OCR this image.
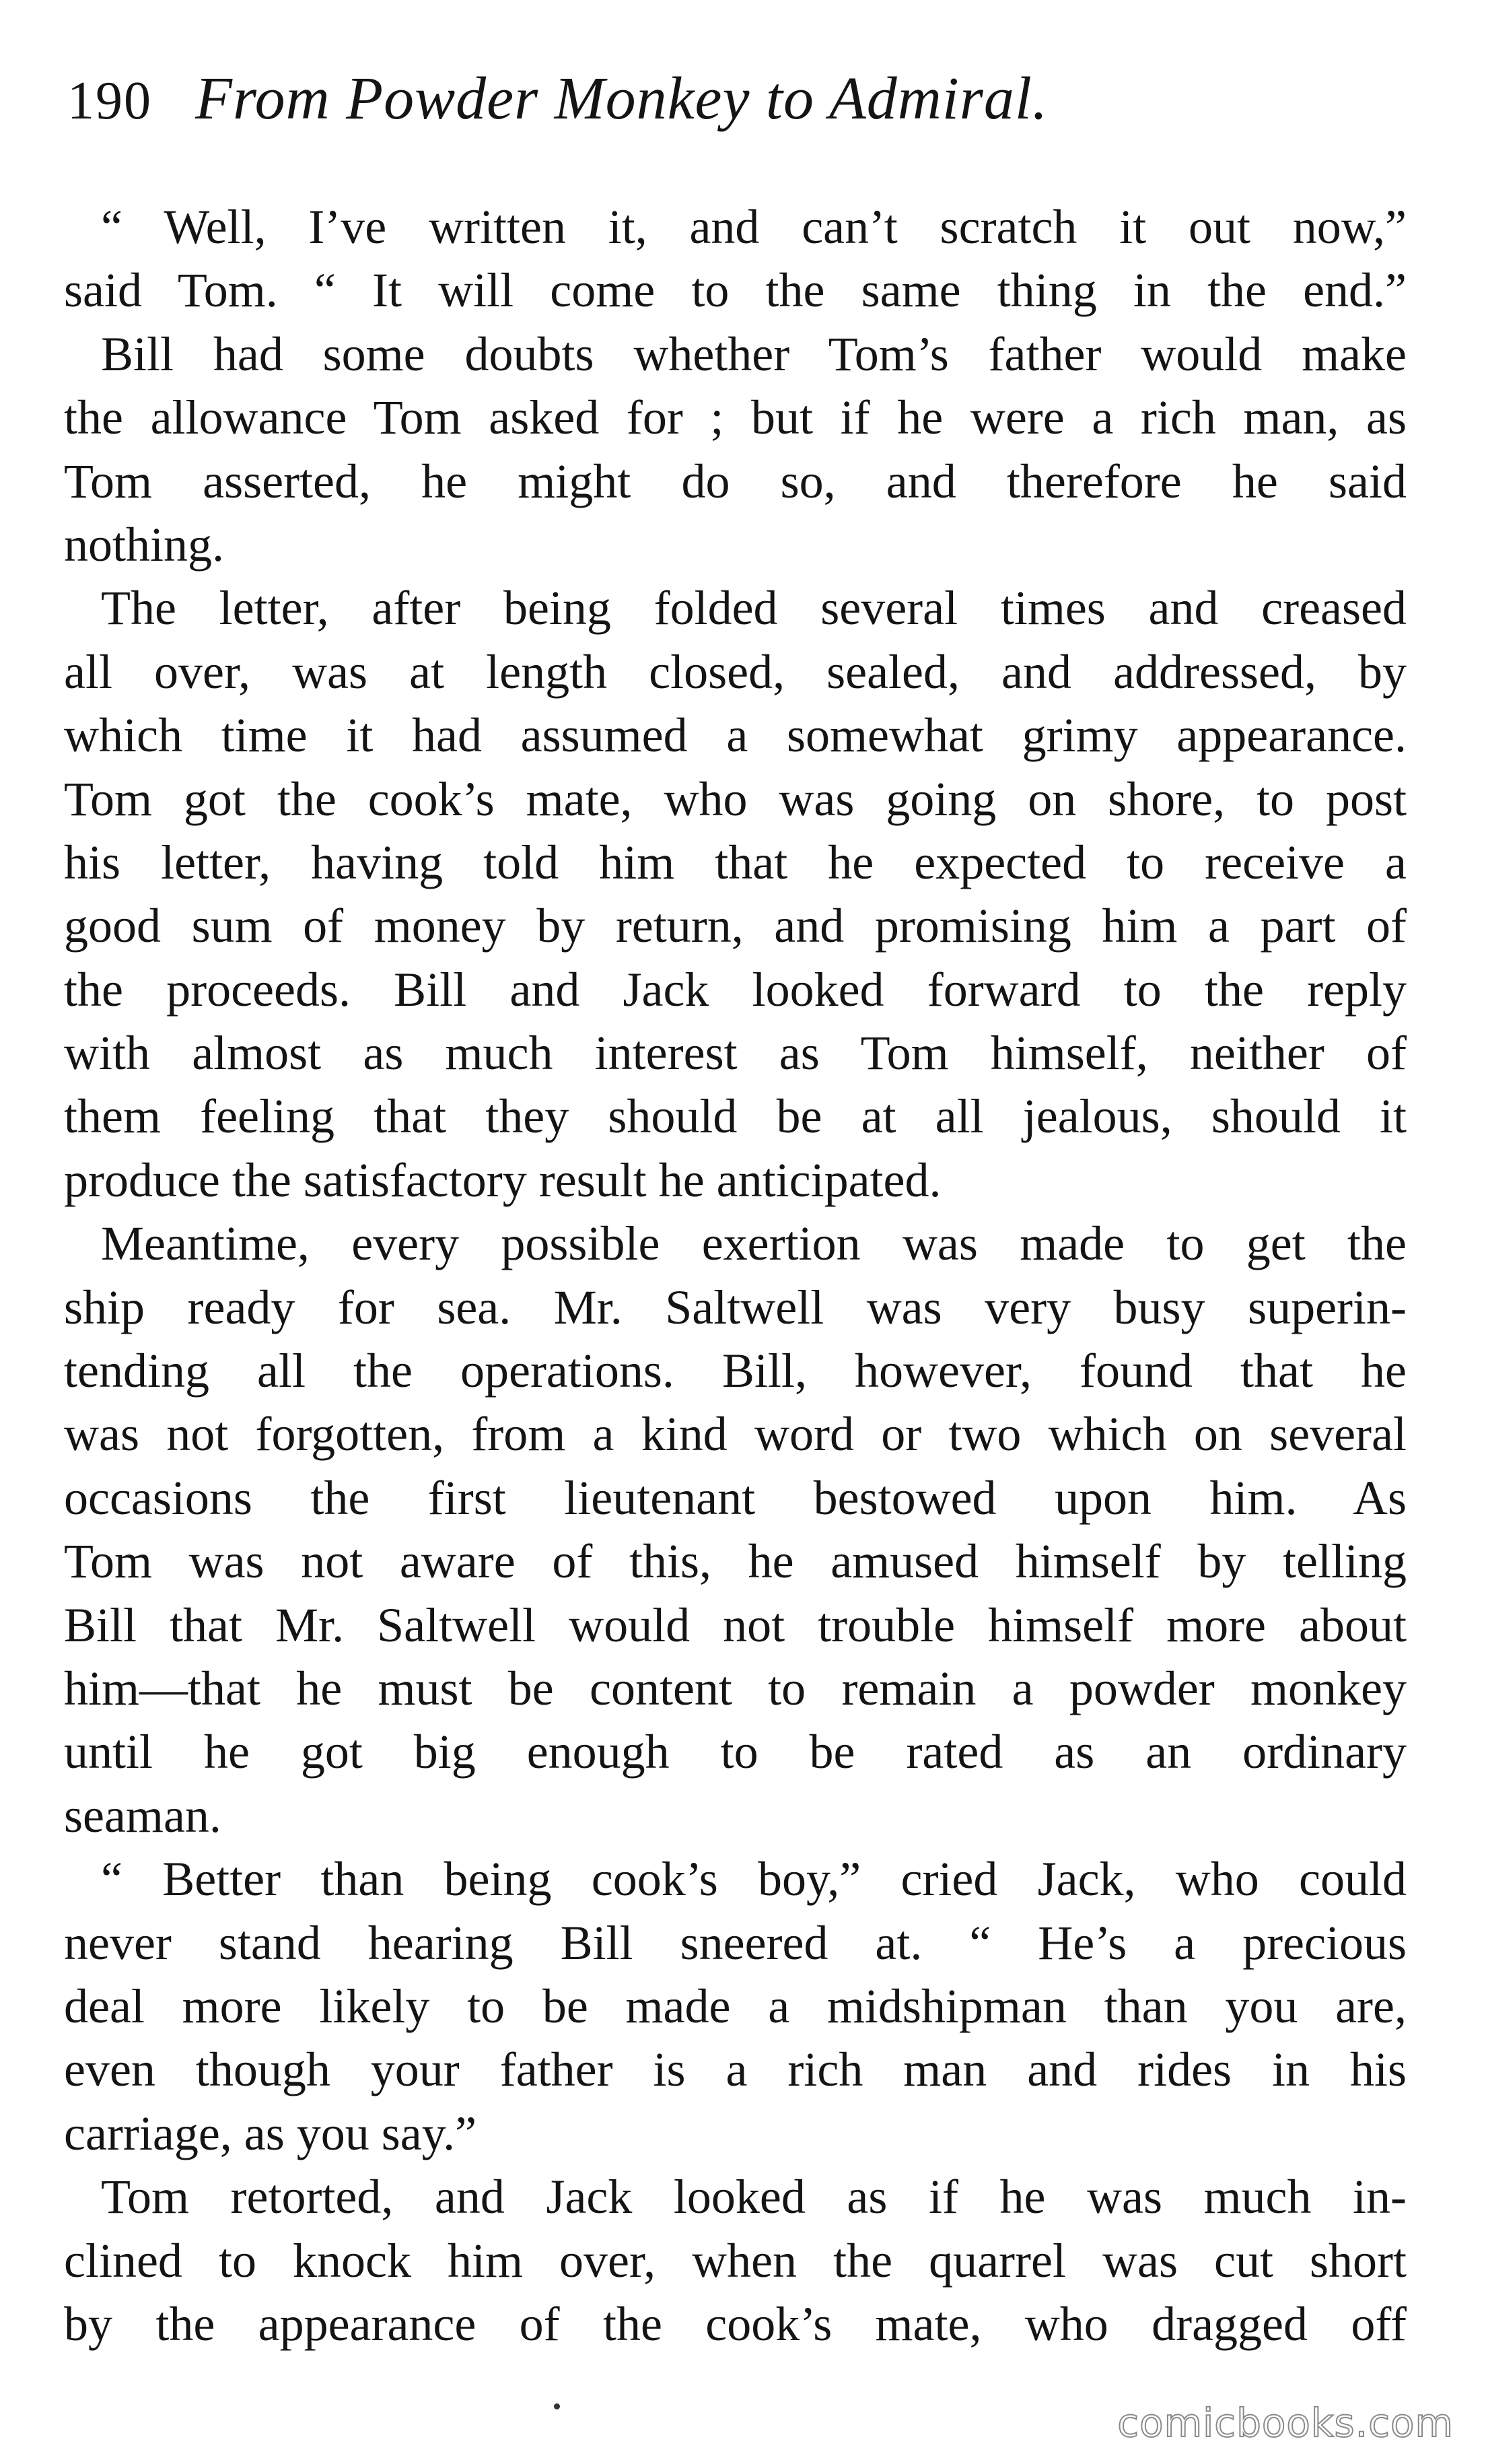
190 From Powder Monkey to Admiral.
“ Well, I’ve written it, and can’t scratch it out now,”
said Tom. “ It will come to the same thing in the end.”
Bill had some doubts whether Tom’s father would make
the allowance Tom asked for ; but if he were a rich man, as
Tom asserted, he might do so, and therefore he said
nothing.
The letter, after being folded several times and creased
all over, was at length closed, sealed, and addressed, by
which time it had assumed a somewhat grimy appearance.
Tom got the cook’s mate, who was going on shore, to post
his letter, having told him that he expected to receive a
good sum of money by return, and promising him a part of
the proceeds. Bill and Jack looked forward to the reply
with almost as much interest as Tom himself, neither of
them feeling that they should be at all jealous, should it
produce the satisfactory result he anticipated.
Meantime, every possible exertion was made to get the
ship ready for sea. Mr. Saltwell was very busy superin-
tending all the operations. Bill, however, found that he
was not forgotten, from a kind word or two which on several
occasions the first lieutenant bestowed upon him. As
Tom was not aware of this, he amused himself by telling
Bill that Mr. Saltwell would not trouble himself more about
him—that he must be content to remain a powder monkey
until he got big enough to be rated as an ordinary
seaman.
“ Better than being cook’s boy,” cried Jack, who could
never stand hearing Bill sneered at. “ He’s a precious
deal more likely to be made a midshipman than you are,
even though your father is a rich man and rides in his
carriage, as you say.”
Tom retorted, and Jack looked as if he was much in-
clined to knock him over, when the quarrel was cut short
by the appearance of the cook’s mate, who dragged off
comicbooks.com
